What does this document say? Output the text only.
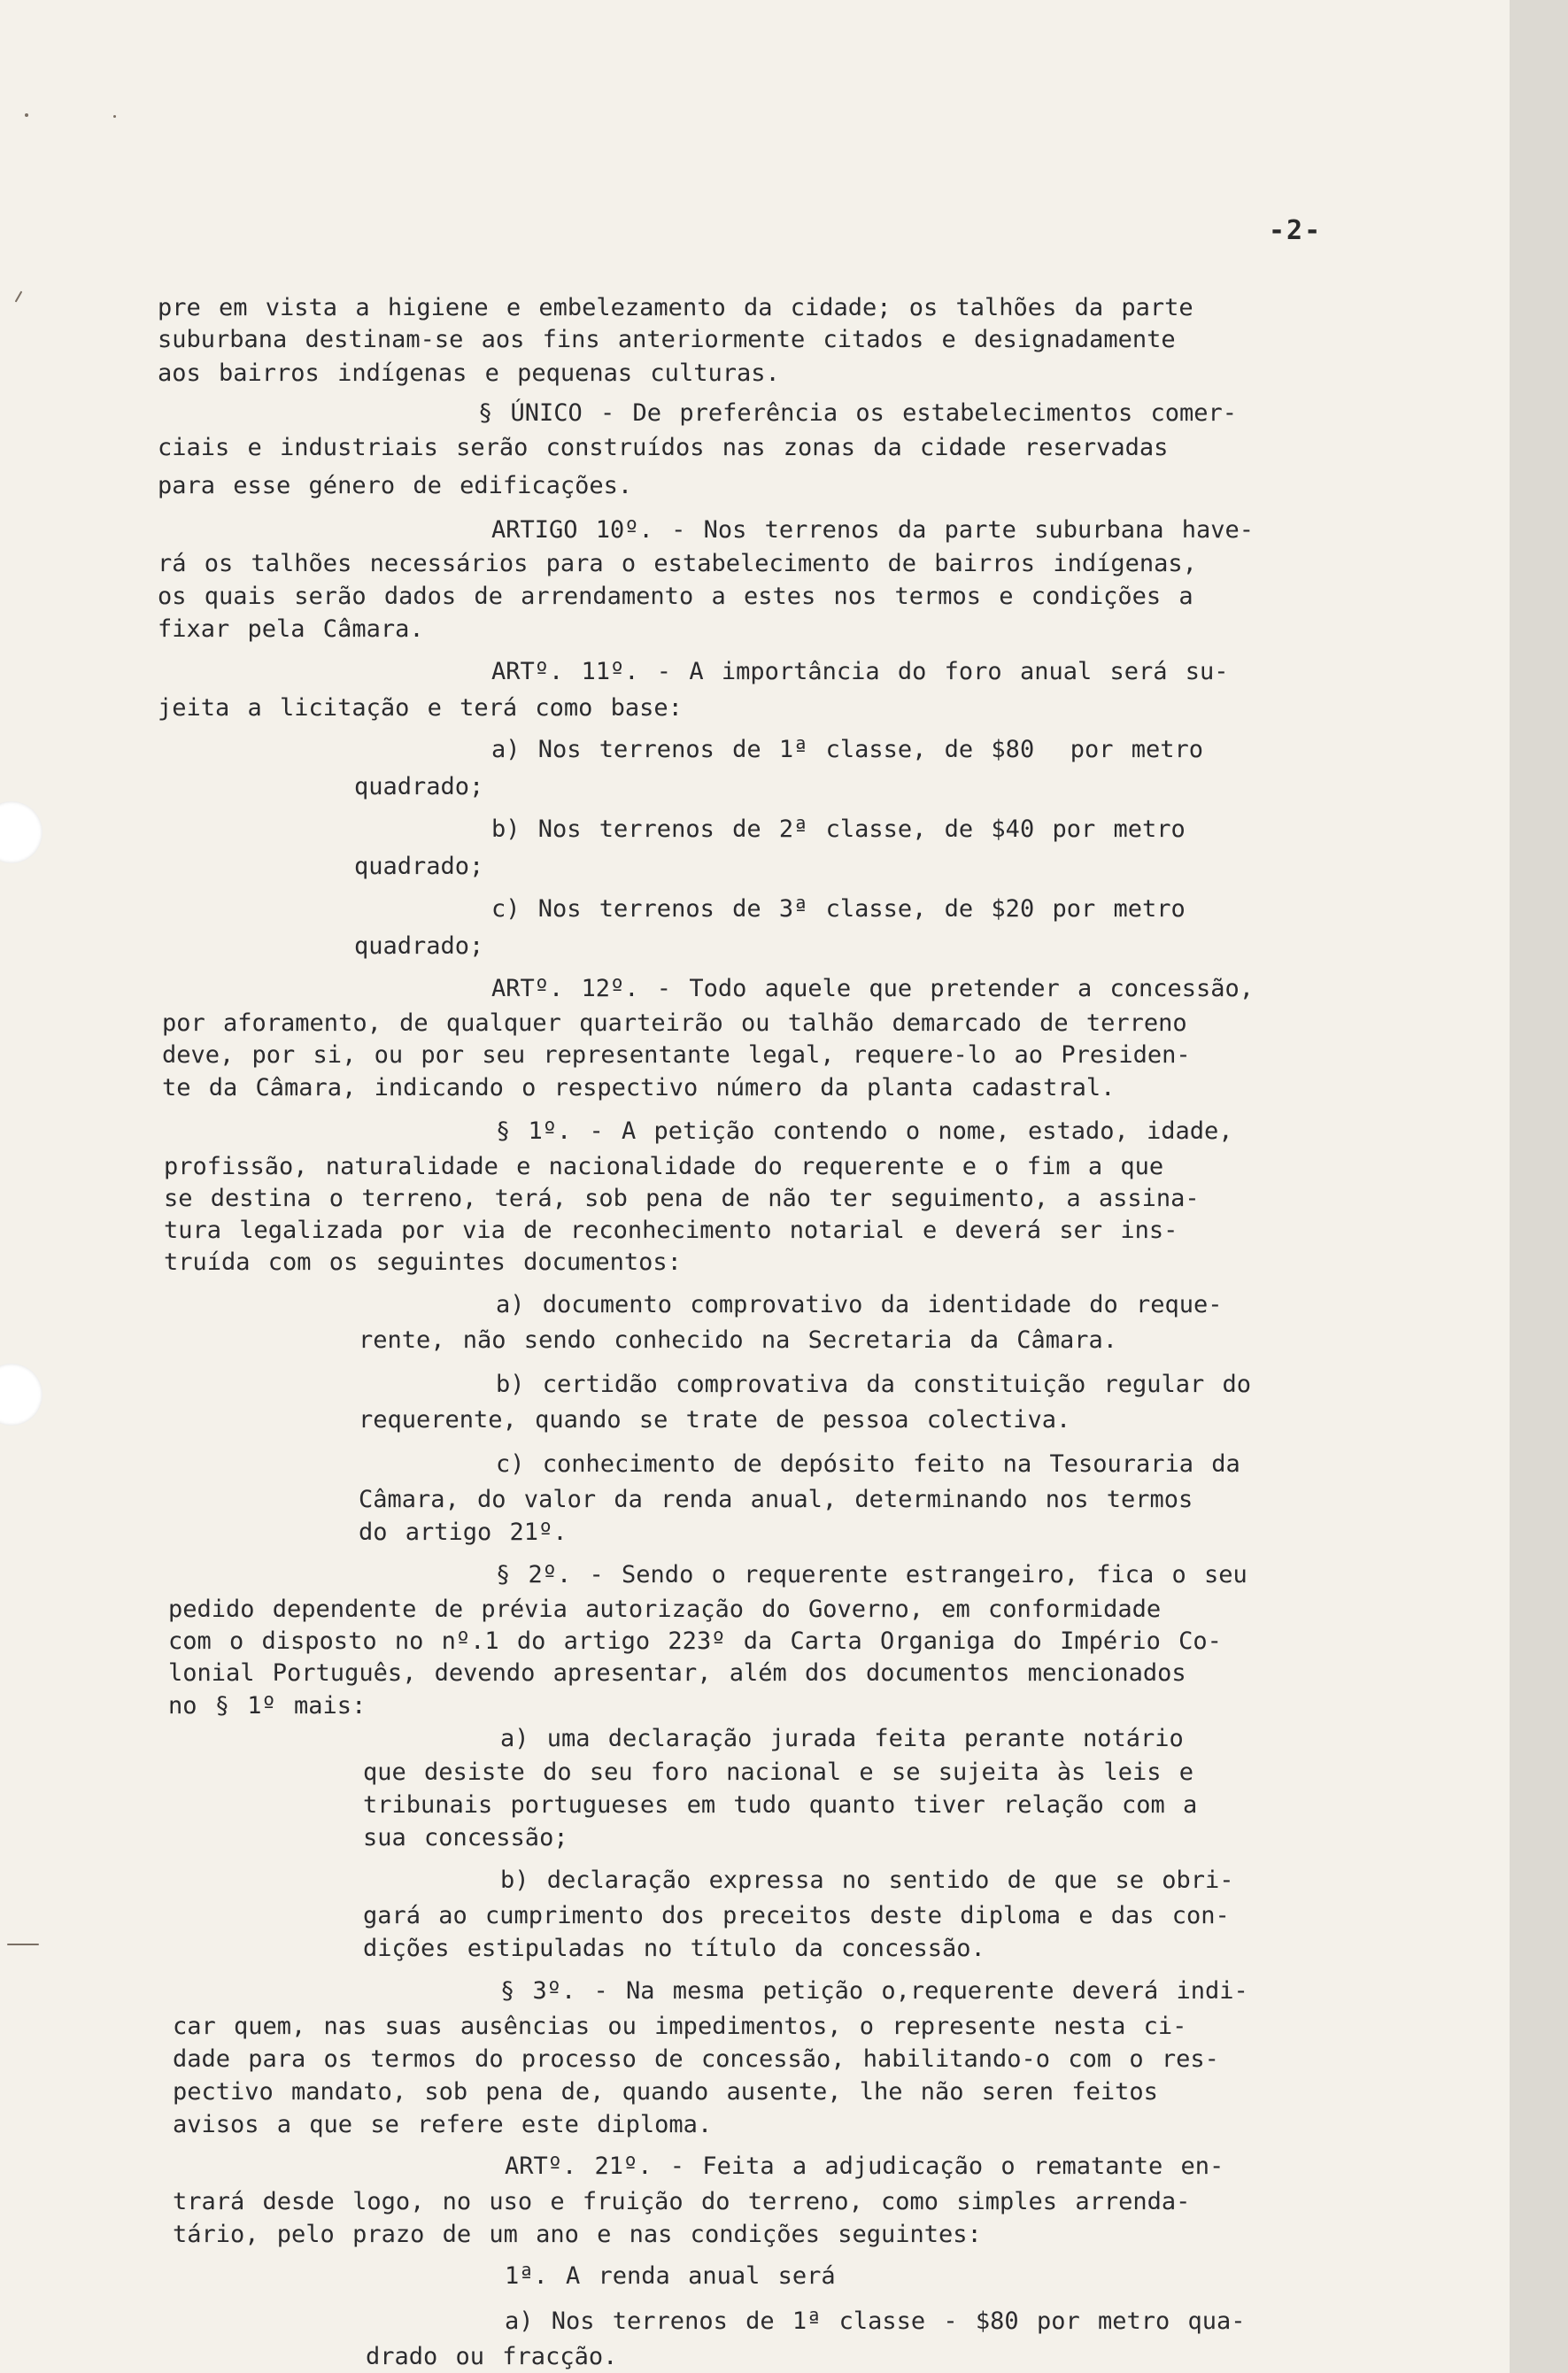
-2-
pre em vista a higiene e embelezamento da cidade; os talhões da parte
suburbana destinam-se aos fins anteriormente citados e designadamente
aos bairros indígenas e pequenas culturas.
§ ÚNICO - De preferência os estabelecimentos comer-
ciais e industriais serão construídos nas zonas da cidade reservadas
para esse género de edificações.
ARTIGO 10º. - Nos terrenos da parte suburbana have-
rá os talhões necessários para o estabelecimento de bairros indígenas,
os quais serão dados de arrendamento a estes nos termos e condições a
fixar pela Câmara.
ARTº. 11º. - A importância do foro anual será su-
jeita a licitação e terá como base:
a) Nos terrenos de 1ª classe, de $80  por metro
quadrado;
b) Nos terrenos de 2ª classe, de $40 por metro
quadrado;
c) Nos terrenos de 3ª classe, de $20 por metro
quadrado;
ARTº. 12º. - Todo aquele que pretender a concessão,
por aforamento, de qualquer quarteirão ou talhão demarcado de terreno
deve, por si, ou por seu representante legal, requere-lo ao Presiden-
te da Câmara, indicando o respectivo número da planta cadastral.
§ 1º. - A petição contendo o nome, estado, idade,
profissão, naturalidade e nacionalidade do requerente e o fim a que
se destina o terreno, terá, sob pena de não ter seguimento, a assina-
tura legalizada por via de reconhecimento notarial e deverá ser ins-
truída com os seguintes documentos:
a) documento comprovativo da identidade do reque-
rente, não sendo conhecido na Secretaria da Câmara.
b) certidão comprovativa da constituição regular do
requerente, quando se trate de pessoa colectiva.
c) conhecimento de depósito feito na Tesouraria da
Câmara, do valor da renda anual, determinando nos termos
do artigo 21º.
§ 2º. - Sendo o requerente estrangeiro, fica o seu
pedido dependente de prévia autorização do Governo, em conformidade
com o disposto no nº.1 do artigo 223º da Carta Organiga do Império Co-
lonial Português, devendo apresentar, além dos documentos mencionados
no § 1º mais:
a) uma declaração jurada feita perante notário
que desiste do seu foro nacional e se sujeita às leis e
tribunais portugueses em tudo quanto tiver relação com a
sua concessão;
b) declaração expressa no sentido de que se obri-
gará ao cumprimento dos preceitos deste diploma e das con-
dições estipuladas no título da concessão.
§ 3º. - Na mesma petição o,requerente deverá indi-
car quem, nas suas ausências ou impedimentos, o represente nesta ci-
dade para os termos do processo de concessão, habilitando-o com o res-
pectivo mandato, sob pena de, quando ausente, lhe não seren feitos
avisos a que se refere este diploma.
ARTº. 21º. - Feita a adjudicação o rematante en-
trará desde logo, no uso e fruição do terreno, como simples arrenda-
tário, pelo prazo de um ano e nas condições seguintes:
1ª. A renda anual será
a) Nos terrenos de 1ª classe - $80 por metro qua-
drado ou fracção.
